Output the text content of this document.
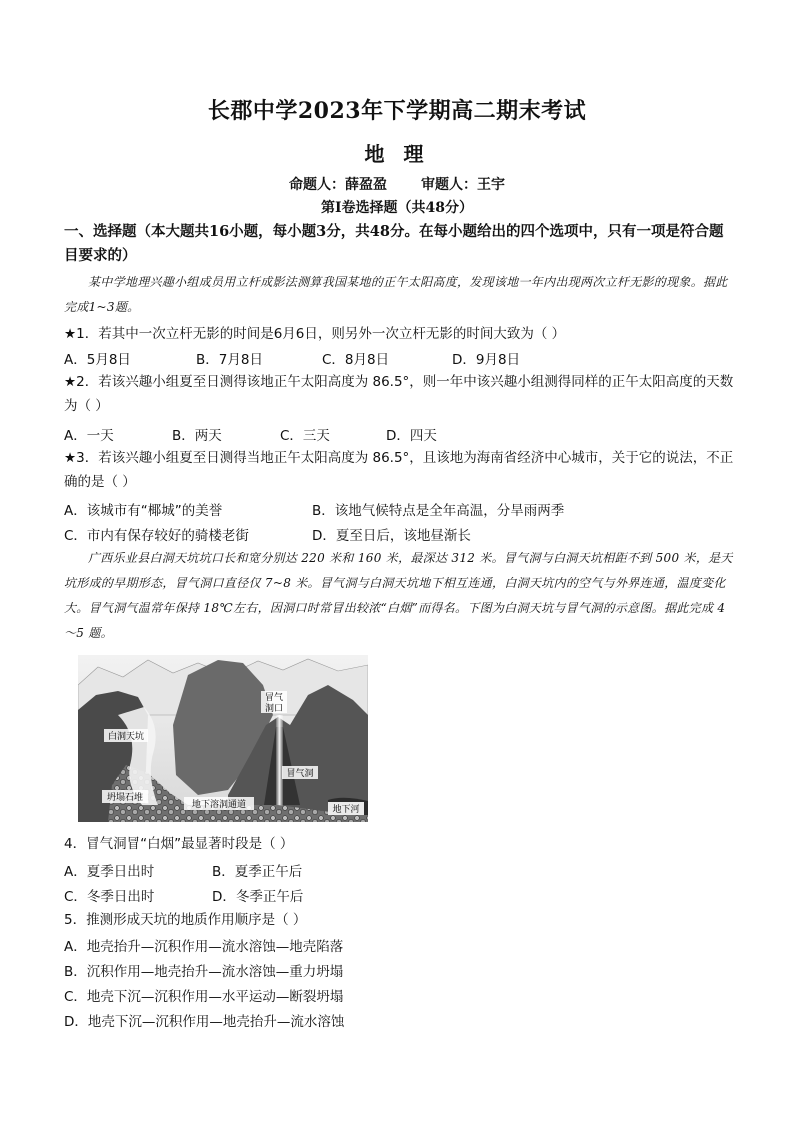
长郡中学2023年下学期高二期末考试
地 理
命题人：薛盈盈 审题人：王宇
第Ⅰ卷选择题（共48分）
一、选择题（本大题共16小题，每小题3分，共48分。在每小题给出的四个选项中，只有一项是符合题目要求的）
某中学地理兴趣小组成员用立杆成影法测算我国某地的正午太阳高度，发现该地一年内出现两次立杆无影的现象。据此完成1~3题。
★1．若其中一次立杆无影的时间是6月6日，则另外一次立杆无影的时间大致为（ ）
A．5月8日	B．7月8日	C．8月8日	D．9月8日
★2．若该兴趣小组夏至日测得该地正午太阳高度为 86.5°，则一年中该兴趣小组测得同样的正午太阳高度的天数为（ ）
A．一天	B．两天	C．三天	D．四天
★3．若该兴趣小组夏至日测得当地正午太阳高度为 86.5°，且该地为海南省经济中心城市，关于它的说法，不正确的是（ ）
A．该城市有“椰城”的美誉	B．该地气候特点是全年高温，分旱雨两季
C．市内有保存较好的骑楼老街	D．夏至日后，该地昼渐长
广西乐业县白洞天坑坑口长和宽分别达 220 米和 160 米，最深达 312 米。冒气洞与白洞天坑相距不到 500 米，是天坑形成的早期形态，冒气洞口直径仅 7~8 米。冒气洞与白洞天坑地下相互连通，白洞天坑内的空气与外界连通，温度变化大。冒气洞气温常年保持 18℃左右，因洞口时常冒出较浓“白烟”而得名。下图为白洞天坑与冒气洞的示意图。据此完成 4～5 题。
冒气
洞口
白洞天坑
冒气洞
坍塌石堆
地下溶洞通道	地下河
4．冒气洞冒“白烟”最显著时段是（ ）
A．夏季日出时	B．夏季正午后
C．冬季日出时	D．冬季正午后
5．推测形成天坑的地质作用顺序是（ ）
A．地壳抬升—沉积作用—流水溶蚀—地壳陷落
B．沉积作用—地壳抬升—流水溶蚀—重力坍塌
C．地壳下沉—沉积作用—水平运动—断裂坍塌
D．地壳下沉—沉积作用—地壳抬升—流水溶蚀
